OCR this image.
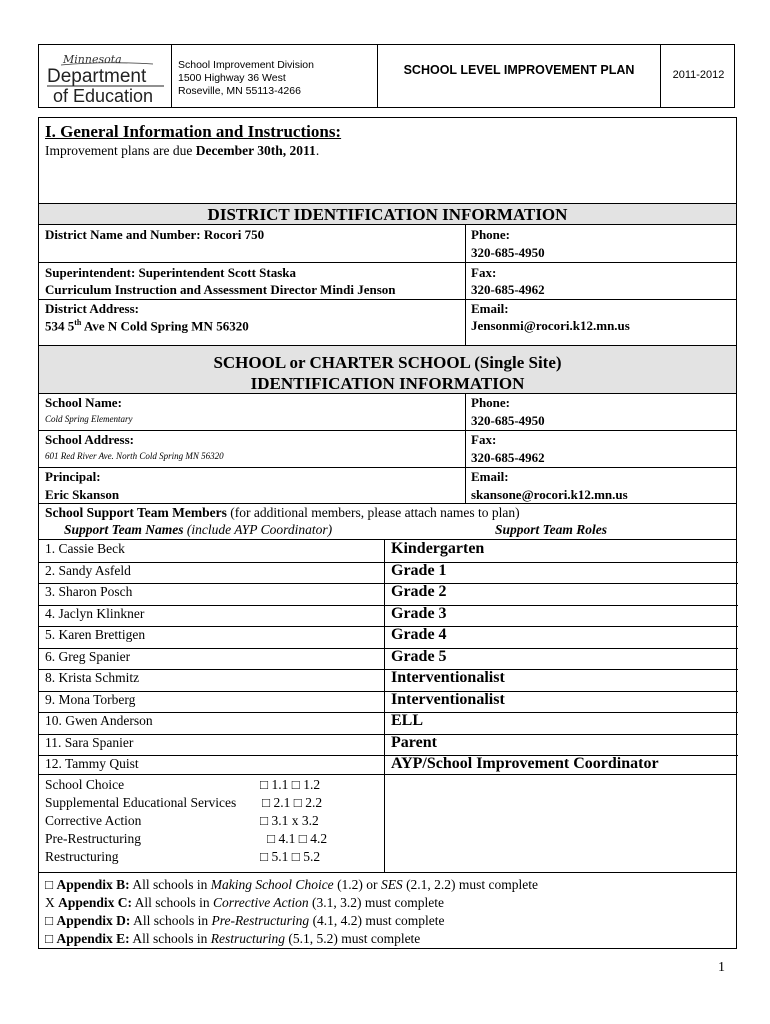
Minnesota
Department
of Education
School Improvement Division
1500 Highway 36 West
Roseville, MN 55113-4266
SCHOOL LEVEL IMPROVEMENT PLAN	2011-2012
I. General Information and Instructions:
Improvement plans are due December 30th, 2011.
DISTRICT IDENTIFICATION INFORMATION
District Name and Number: Rocori 750	Phone:
320-685-4950
Superintendent: Superintendent Scott Staska
Curriculum Instruction and Assessment Director Mindi Jenson
Fax:
320-685-4962
District Address:
534 5th Ave N Cold Spring MN 56320
Email:
Jensonmi@rocori.k12.mn.us
SCHOOL or CHARTER SCHOOL (Single Site)
IDENTIFICATION INFORMATION
School Name:
Cold Spring Elementary
Phone:
320-685-4950
School Address:
601 Red River Ave. North Cold Spring MN 56320
Fax:
320-685-4962
Principal:
Eric Skanson
Email:
skansone@rocori.k12.mn.us
School Support Team Members (for additional members, please attach names to plan)
Support Team Names (include AYP Coordinator)	Support Team Roles
1. Cassie Beck	Kindergarten
2. Sandy Asfeld	Grade 1
3. Sharon Posch	Grade 2
4. Jaclyn Klinkner	Grade 3
5. Karen Brettigen	Grade 4
6. Greg Spanier	Grade 5
8. Krista Schmitz	Interventionalist
9. Mona Torberg	Interventionalist
10. Gwen Anderson	ELL
11. Sara Spanier	Parent
12. Tammy Quist	AYP/School Improvement Coordinator
School Choice	□ 1.1 □ 1.2
Supplemental Educational Services □ 2.1 □ 2.2
Corrective Action	□ 3.1 x 3.2
Pre-Restructuring	□ 4.1 □ 4.2
Restructuring	□ 5.1 □ 5.2
□ Appendix B: All schools in Making School Choice (1.2) or SES (2.1, 2.2) must complete
X Appendix C: All schools in Corrective Action (3.1, 3.2) must complete
□ Appendix D: All schools in Pre-Restructuring (4.1, 4.2) must complete
□ Appendix E: All schools in Restructuring (5.1, 5.2) must complete
1
